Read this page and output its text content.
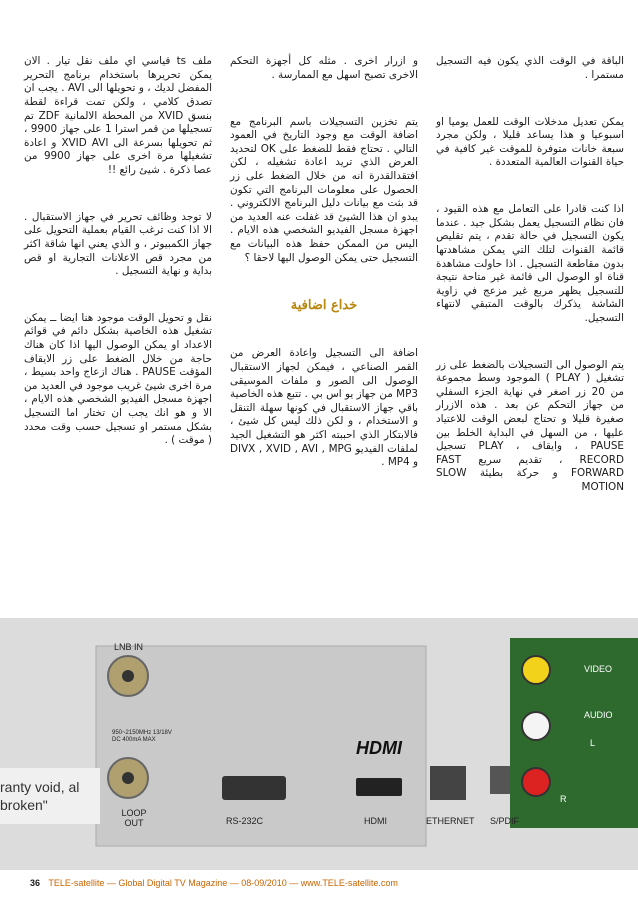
الباقة في الوقت الذي يكون فيه التسجيل مستمرا .

يمكن تعديل مدخلات الوقت للعمل يوميا او اسبوعيا و هذا يساعد قليلا ، ولكن مجرد سبعة خانات متوفرة للموقت غير كافية في حياة القنوات العالمية المتعددة .

اذا كنت قادرا على التعامل مع هذه القيود ، فان نظام التسجيل يعمل بشكل جيد . عندما يكون التسجيل في حالة تقدم ، يتم تقليص قائمة القنوات لتلك التي يمكن مشاهدتها بدون مقاطعة التسجيل . اذا حاولت مشاهدة قناة او الوصول الى قائمة غير متاحة نتيجة للتسجيل يظهر مربع غير مزعج في زاوية الشاشة يذكرك بالوقت المتبقي لانتهاء التسجيل.

يتم الوصول الى التسجيلات بالضغط على زر تشغيل ( PLAY ) الموجود وسط مجموعة من 20 زر اصغر في نهاية الجزء السفلي من جهاز التحكم عن بعد . هذه الازرار صغيرة قليلا و تحتاج لبعض الوقت للاعتياد عليها ، من السهل في البداية الخلط بين PAUSE ، وايقاف ، PLAY تسجيل RECORD ، تقديم سريع FAST FORWARD و حركة بطيئة SLOW MOTION

و ازرار اخرى . مثله كل أجهزة التحكم الاخرى تصبح اسهل مع الممارسة .

يتم تخزين التسجيلات باسم البرنامج مع اضافة الوقت مع وجود التاريخ في العمود التالي . تحتاج فقط للضغط على OK لتحديد العرض الذي تريد اعادة تشغيله ، لكن افتقدالقدرة انه من خلال الضغط على زر الحصول على معلومات البرنامج التي تكون قد بثت مع بيانات دليل البرنامج الالكتروني . يبدو ان هذا الشيئ قد غفلت عنه العديد من اجهزة مسجل الفيديو الشخصي هذه الايام . اليس من الممكن حفظ هذه البيانات مع التسجيل حتى يمكن الوصول اليها لاحقا ؟

خداع اضافية

اضافة الى التسجيل واعادة العرض من القمر الصناعي ، فيمكن لجهاز الاستقبال الوصول الى الصور و ملفات الموسيقى MP3 من جهاز يو اس بي . تتبع هذه الخاصية باقي جهاز الاستقبال في كونها سهلة التنقل و الاستخدام ، و لكن ذلك ليس كل شيئ ، فالابتكار الذي احببته اكثر هو التشغيل الجيد لملفات الفيديو DIVX , XVID , AVI , MPG و MP4 .

ملف ts قياسي اي ملف نقل تيار . الان يمكن تحريرها باستخدام برنامج التحرير المفضل لديك ، و تحويلها الى AVI . يجب ان تصدق كلامي ، ولكن تمت قراءة لقطة بنسق XVID من المحطة الالمانية ZDF تم تسجيلها من قمر استرا 1 على جهاز 9900 ، ثم تحويلها بسرعة الى XVID AVI و اعادة تشغيلها مرة اخرى على جهاز 9900 من عصا ذكرة . شيئ رائع !!

لا توجد وظائف تحرير في جهاز الاستقبال . الا اذا كنت ترغب القيام بعملية التحويل على جهاز الكمبيوتر ، و الذي يعني انها شاقة اكثر من مجرد قص الاعلانات التجارية او قص بداية و نهاية التسجيل .

نقل و تحويل الوقت موجود هنا ايضا ــ يمكن تشغيل هذه الخاصية بشكل دائم في قوائم الاعداد او يمكن الوصول اليها اذا كان هناك حاجة من خلال الضغط على زر الايقاف المؤقت PAUSE . هناك ازعاج واحد بسيط ، مرة اخرى شيئ غريب موجود في العديد من اجهزة مسجل الفيديو الشخصي هذه الايام ، الا و هو انك يجب ان تختار اما التسجيل بشكل مستمر او تسجيل حسب وقت محدد ( موقت ) .

LNB IN
950~2150MHz 13/18V DC 400mA MAX
LOOP OUT	RS-232C
HDMI
HDMI	ETHERNET S/PDIF
VIDEO
AUDIO
L
R
ranty void, al broken"
36 TELE-satellite — Global Digital TV Magazine — 08-09/2010 — www.TELE-satellite.com
